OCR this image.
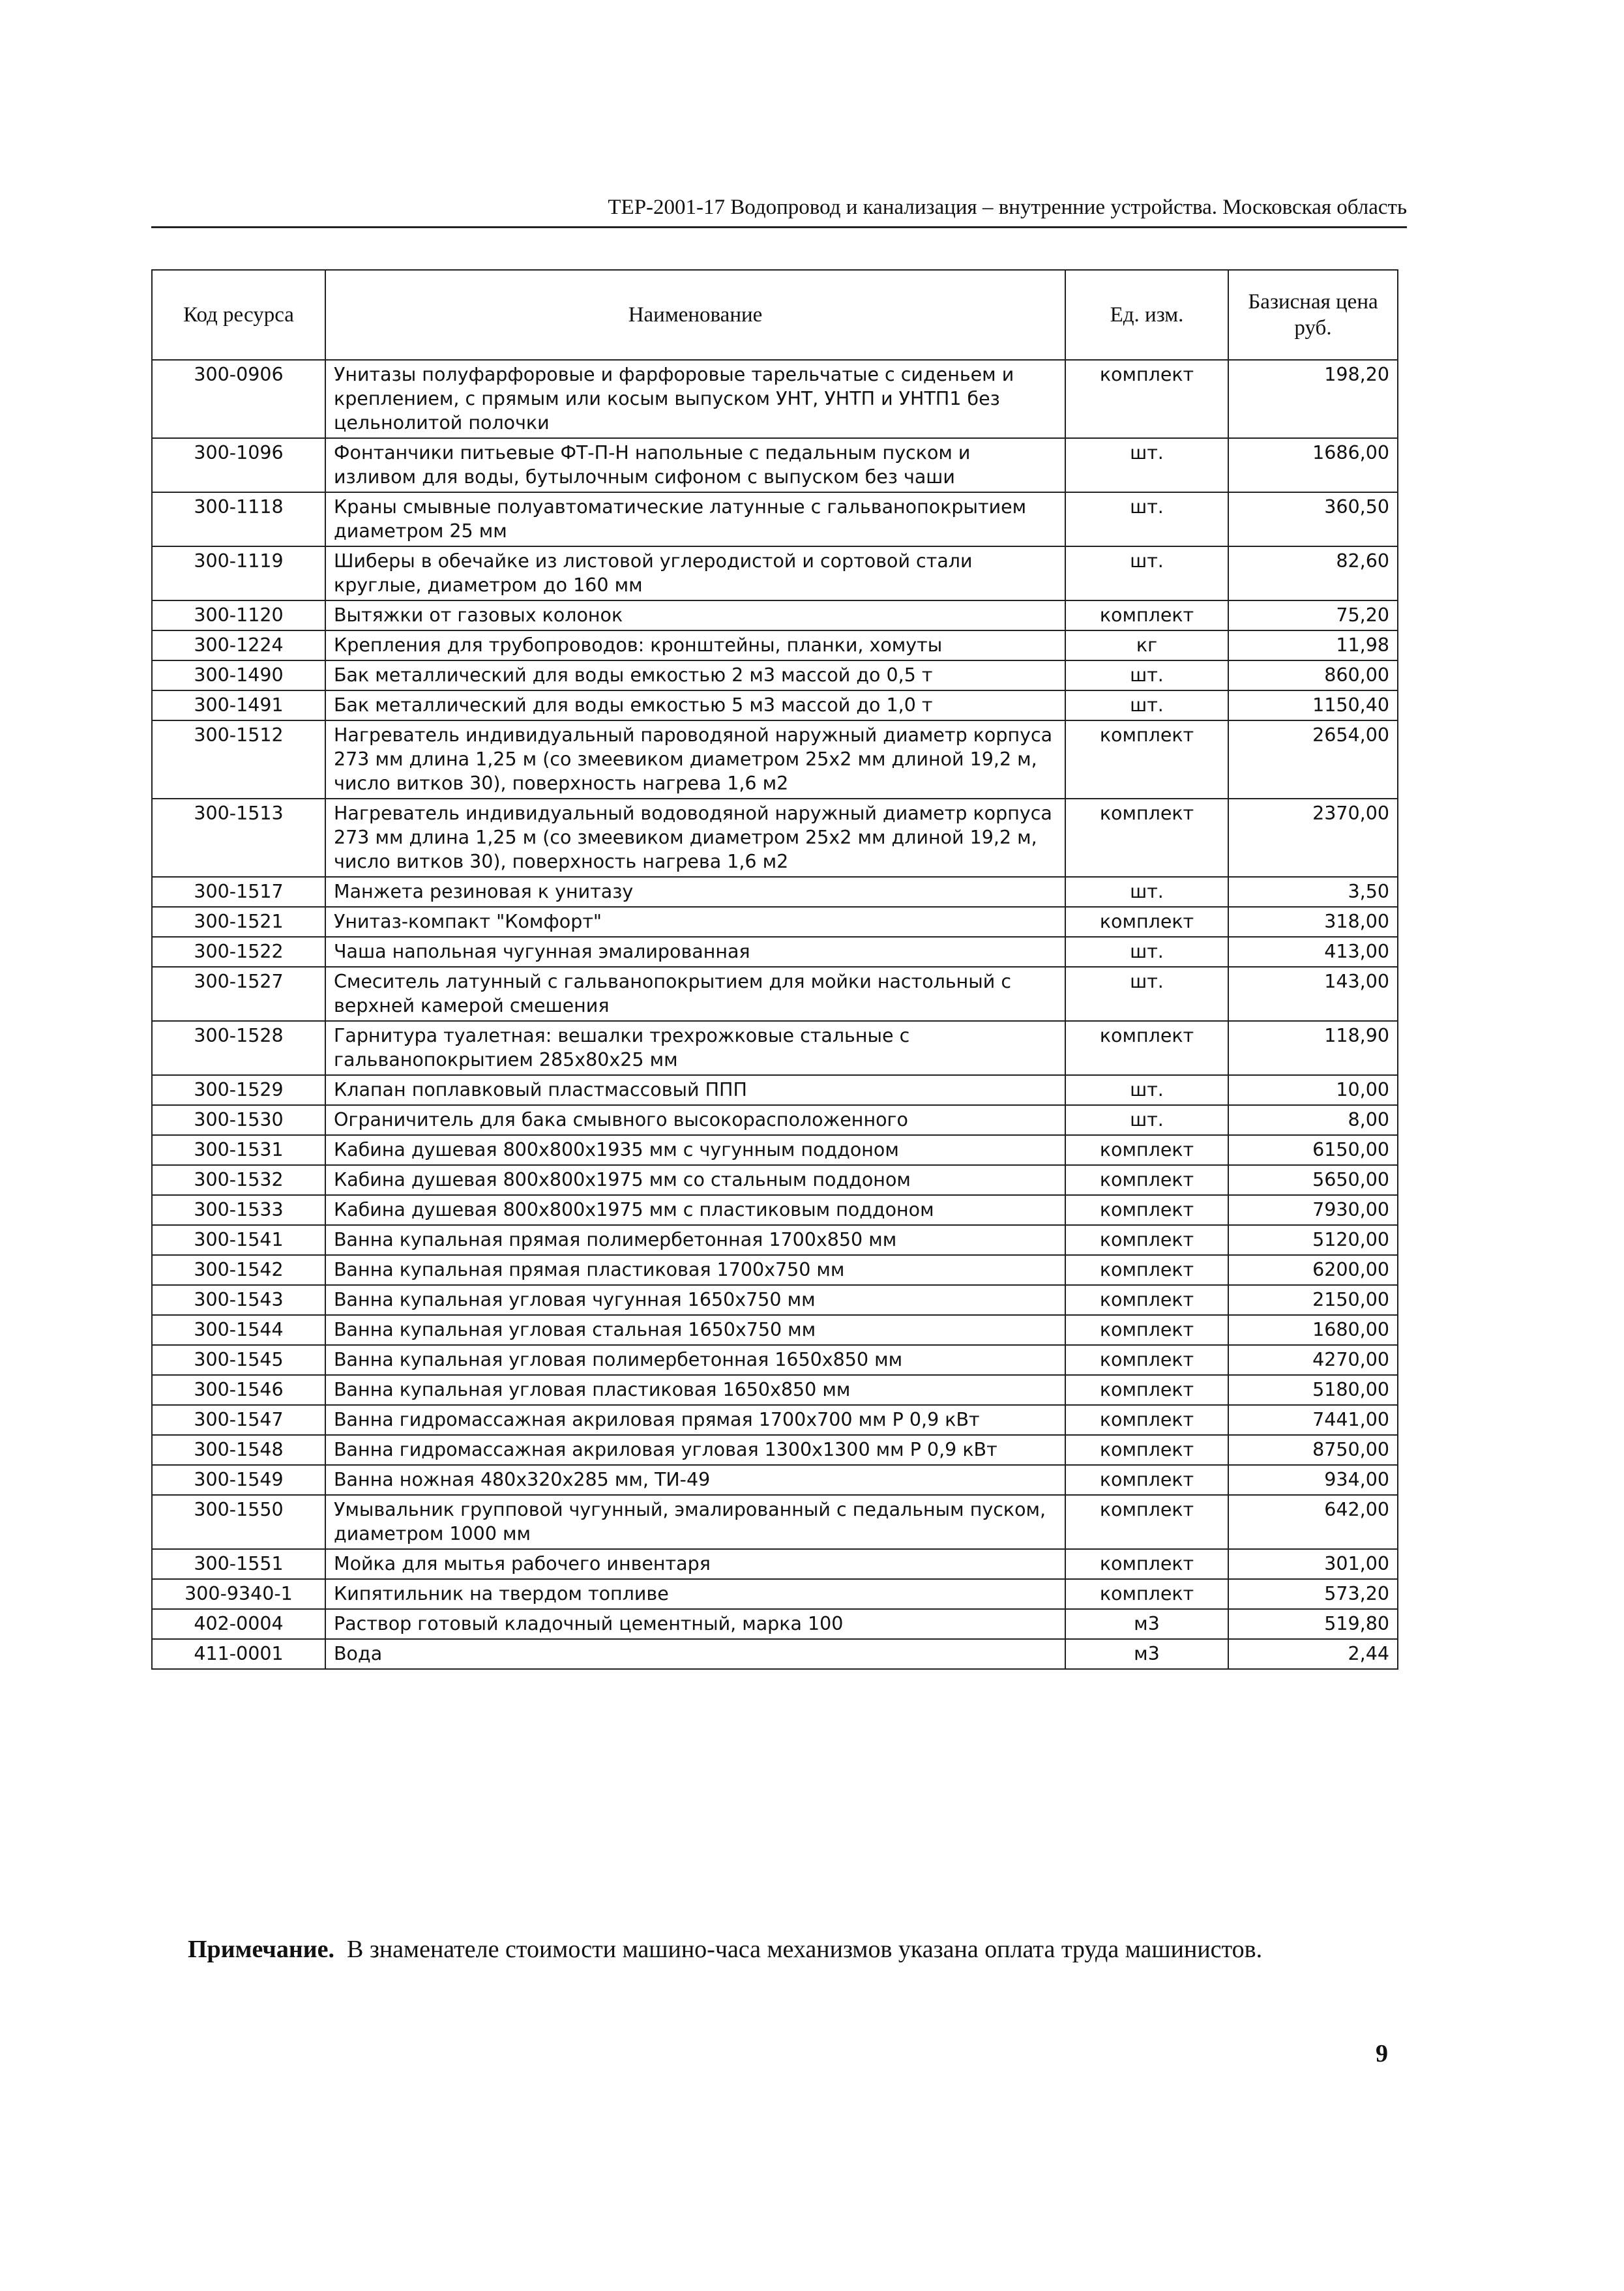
ТЕР-2001-17 Водопровод и канализация – внутренние устройства. Московская область
Код ресурса	Наименование	Ед. изм.	Базисная цена руб.
300-0906	Унитазы полуфарфоровые и фарфоровые тарельчатые с сиденьем и креплением, с прямым или косым выпуском УНТ, УНТП и УНТП1 без цельнолитой полочки	комплект	198,20
300-1096	Фонтанчики питьевые ФТ-П-Н напольные с педальным пуском и изливом для воды, бутылочным сифоном с выпуском без чаши	шт.	1686,00
300-1118	Краны смывные полуавтоматические латунные с гальванопокрытием диаметром 25 мм	шт.	360,50
300-1119	Шиберы в обечайке из листовой углеродистой и сортовой стали круглые, диаметром до 160 мм	шт.	82,60
300-1120	Вытяжки от газовых колонок	комплект	75,20
300-1224	Крепления для трубопроводов: кронштейны, планки, хомуты	кг	11,98
300-1490	Бак металлический для воды емкостью 2 м3 массой до 0,5 т	шт.	860,00
300-1491	Бак металлический для воды емкостью 5 м3 массой до 1,0 т	шт.	1150,40
300-1512	Нагреватель индивидуальный пароводяной наружный диаметр корпуса 273 мм длина 1,25 м (со змеевиком диаметром 25х2 мм длиной 19,2 м, число витков 30), поверхность нагрева 1,6 м2	комплект	2654,00
300-1513	Нагреватель индивидуальный водоводяной наружный диаметр корпуса 273 мм длина 1,25 м (со змеевиком диаметром 25х2 мм длиной 19,2 м, число витков 30), поверхность нагрева 1,6 м2	комплект	2370,00
300-1517	Манжета резиновая к унитазу	шт.	3,50
300-1521	Унитаз-компакт "Комфорт"	комплект	318,00
300-1522	Чаша напольная чугунная эмалированная	шт.	413,00
300-1527	Смеситель латунный с гальванопокрытием для мойки настольный с верхней камерой смешения	шт.	143,00
300-1528	Гарнитура туалетная: вешалки трехрожковые стальные с гальванопокрытием 285х80х25 мм	комплект	118,90
300-1529	Клапан поплавковый пластмассовый ППП	шт.	10,00
300-1530	Ограничитель для бака смывного высокорасположенного	шт.	8,00
300-1531	Кабина душевая 800х800х1935 мм с чугунным поддоном	комплект	6150,00
300-1532	Кабина душевая 800х800х1975 мм со стальным поддоном	комплект	5650,00
300-1533	Кабина душевая 800х800х1975 мм с пластиковым поддоном	комплект	7930,00
300-1541	Ванна купальная прямая полимербетонная 1700х850 мм	комплект	5120,00
300-1542	Ванна купальная прямая пластиковая 1700х750 мм	комплект	6200,00
300-1543	Ванна купальная угловая чугунная 1650х750 мм	комплект	2150,00
300-1544	Ванна купальная угловая стальная 1650х750 мм	комплект	1680,00
300-1545	Ванна купальная угловая полимербетонная 1650х850 мм	комплект	4270,00
300-1546	Ванна купальная угловая пластиковая 1650х850 мм	комплект	5180,00
300-1547	Ванна гидромассажная акриловая прямая 1700х700 мм Р 0,9 кВт	комплект	7441,00
300-1548	Ванна гидромассажная акриловая угловая 1300х1300 мм Р 0,9 кВт	комплект	8750,00
300-1549	Ванна ножная 480х320х285 мм, ТИ-49	комплект	934,00
300-1550	Умывальник групповой чугунный, эмалированный с педальным пуском, диаметром 1000 мм	комплект	642,00
300-1551	Мойка для мытья рабочего инвентаря	комплект	301,00
300-9340-1	Кипятильник на твердом топливе	комплект	573,20
402-0004	Раствор готовый кладочный цементный, марка 100	м3	519,80
411-0001	Вода	м3	2,44
Примечание. В знаменателе стоимости машино-часа механизмов указана оплата труда машинистов.
9
